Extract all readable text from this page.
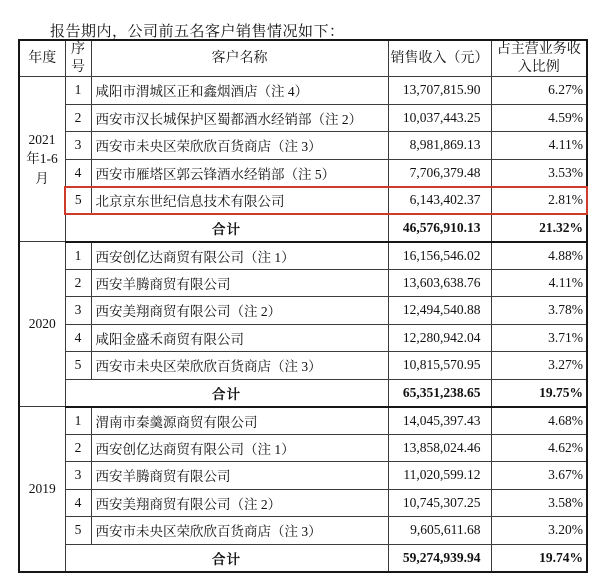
报告期内，公司前五名客户销售情况如下：

年度	序号	客户名称	销售收入（元）	占主营业务收入比例
2021 年1-6月	1	咸阳市渭城区正和鑫烟酒店（注 4）	13,707,815.90	6.27%
	2	西安市汉长城保护区蜀都酒水经销部（注 2）	10,037,443.25	4.59%
	3	西安市未央区荣欣欣百货商店（注 3）	8,981,869.13	4.11%
	4	西安市雁塔区郭云锋酒水经销部（注 5）	7,706,379.48	3.53%
	5	北京京东世纪信息技术有限公司	6,143,402.37	2.81%
	合计		46,576,910.13	21.32%
2020	1	西安创亿达商贸有限公司（注 1）	16,156,546.02	4.88%
	2	西安羊腾商贸有限公司	13,603,638.76	4.11%
	3	西安美翔商贸有限公司（注 2）	12,494,540.88	3.78%
	4	咸阳金盛禾商贸有限公司	12,280,942.04	3.71%
	5	西安市未央区荣欣欣百货商店（注 3）	10,815,570.95	3.27%
	合计		65,351,238.65	19.75%
2019	1	渭南市秦羹源商贸有限公司	14,045,397.43	4.68%
	2	西安创亿达商贸有限公司（注 1）	13,858,024.46	4.62%
	3	西安羊腾商贸有限公司	11,020,599.12	3.67%
	4	西安美翔商贸有限公司（注 2）	10,745,307.25	3.58%
	5	西安市未央区荣欣欣百货商店（注 3）	9,605,611.68	3.20%
	合计		59,274,939.94	19.74%
